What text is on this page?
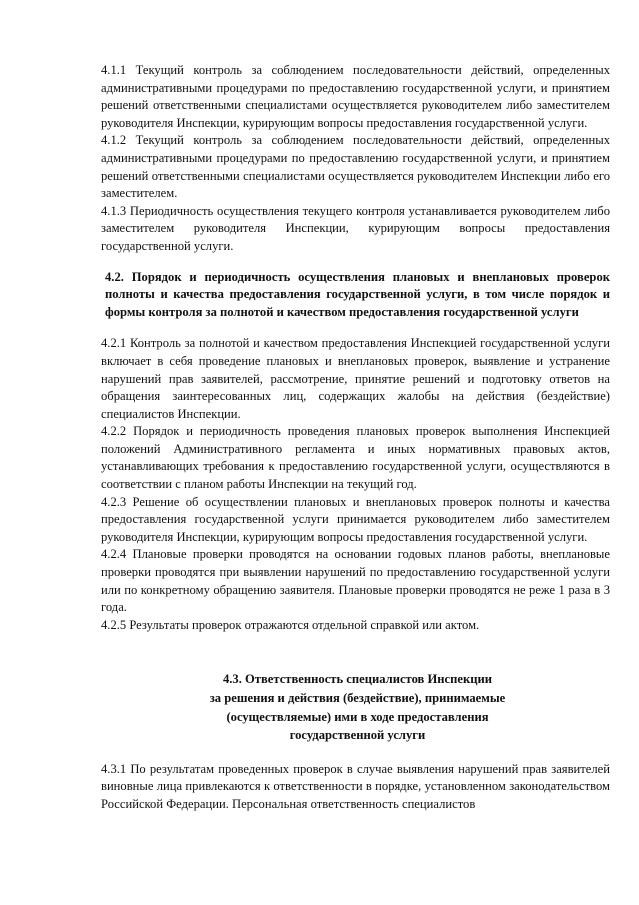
4.1.1 Текущий контроль за соблюдением последовательности действий, определенных административными процедурами по предоставлению государственной услуги, и принятием решений ответственными специалистами осуществляется руководителем либо заместителем руководителя Инспекции, курирующим вопросы предоставления государственной услуги.

4.1.2 Текущий контроль за соблюдением последовательности действий, определенных административными процедурами по предоставлению государственной услуги, и принятием решений ответственными специалистами осуществляется руководителем Инспекции либо его заместителем.

4.1.3 Периодичность осуществления текущего контроля устанавливается руководителем либо заместителем руководителя Инспекции, курирующим вопросы предоставления государственной услуги.

4.2. Порядок и периодичность осуществления плановых и внеплановых проверок полноты и качества предоставления государственной услуги, в том числе порядок и формы контроля за полнотой и качеством предоставления государственной услуги

4.2.1 Контроль за полнотой и качеством предоставления Инспекцией государственной услуги включает в себя проведение плановых и внеплановых проверок, выявление и устранение нарушений прав заявителей, рассмотрение, принятие решений и подготовку ответов на обращения заинтересованных лиц, содержащих жалобы на действия (бездействие) специалистов Инспекции.

4.2.2 Порядок и периодичность проведения плановых проверок выполнения Инспекцией положений Административного регламента и иных нормативных правовых актов, устанавливающих требования к предоставлению государственной услуги, осуществляются в соответствии с планом работы Инспекции на текущий год.

4.2.3 Решение об осуществлении плановых и внеплановых проверок полноты и качества предоставления государственной услуги принимается руководителем либо заместителем руководителя Инспекции, курирующим вопросы предоставления государственной услуги.

4.2.4 Плановые проверки проводятся на основании годовых планов работы, внеплановые проверки проводятся при выявлении нарушений по предоставлению государственной услуги или по конкретному обращению заявителя. Плановые проверки проводятся не реже 1 раза в 3 года.

4.2.5 Результаты проверок отражаются отдельной справкой или актом.

4.3. Ответственность специалистов Инспекции
за решения и действия (бездействие), принимаемые
(осуществляемые) ими в ходе предоставления
государственной услуги

4.3.1 По результатам проведенных проверок в случае выявления нарушений прав заявителей виновные лица привлекаются к ответственности в порядке, установленном законодательством Российской Федерации. Персональная ответственность специалистов
